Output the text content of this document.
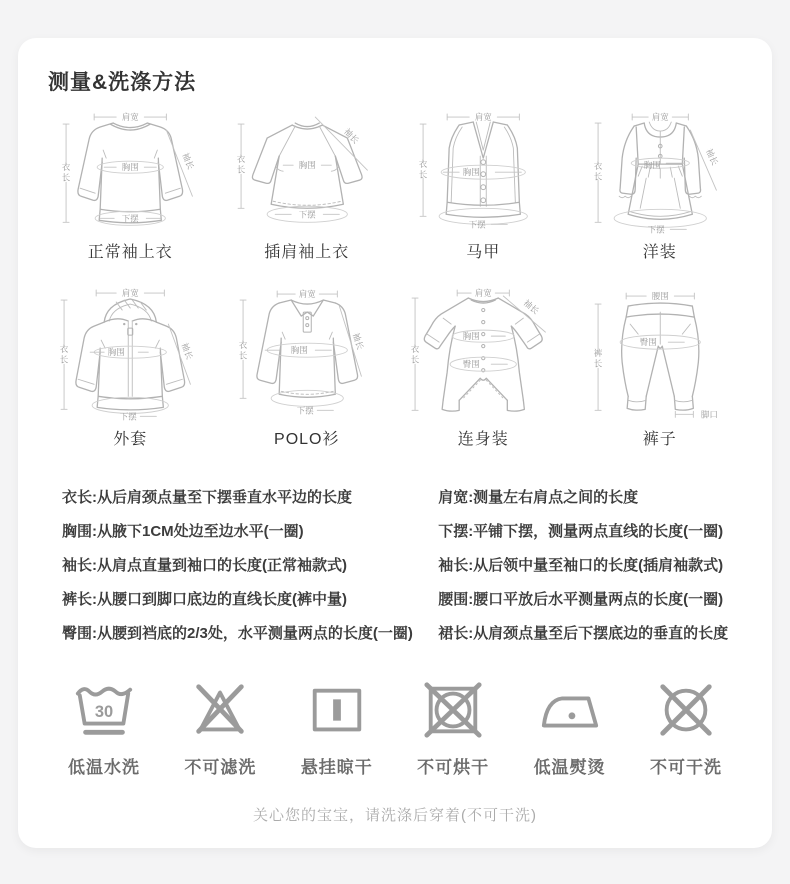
测量&洗涤方法
肩宽
衣长	胸围	袖长
下摆
正常袖上衣
衣长
袖长
胸围
下摆
插肩袖上衣
肩宽
衣长	胸围
下摆
马甲
肩宽
衣长	胸围	袖长
下摆
洋装
肩宽
衣长	胸围	袖长
下摆
外套
肩宽
衣长	胸围	袖长
下摆
POLO衫
肩宽
袖长
衣长
胸围
臀围
连身装
腰围
裤长
臀围
脚口
裤子
衣长:从后肩颈点量至下摆垂直水平边的长度
胸围:从腋下1CM处边至边水平(一圈)
袖长:从肩点直量到袖口的长度(正常袖款式)
裤长:从腰口到脚口底边的直线长度(裤中量)
臀围:从腰到裆底的2/3处，水平测量两点的长度(一圈)
肩宽:测量左右肩点之间的长度
下摆:平铺下摆，测量两点直线的长度(一圈)
袖长:从后领中量至袖口的长度(插肩袖款式)
腰围:腰口平放后水平测量两点的长度(一圈)
裙长:从肩颈点量至后下摆底边的垂直的长度
30
低温水洗	不可滤洗	悬挂晾干	不可烘干	低温熨烫	不可干洗
关心您的宝宝，请洗涤后穿着(不可干洗)
